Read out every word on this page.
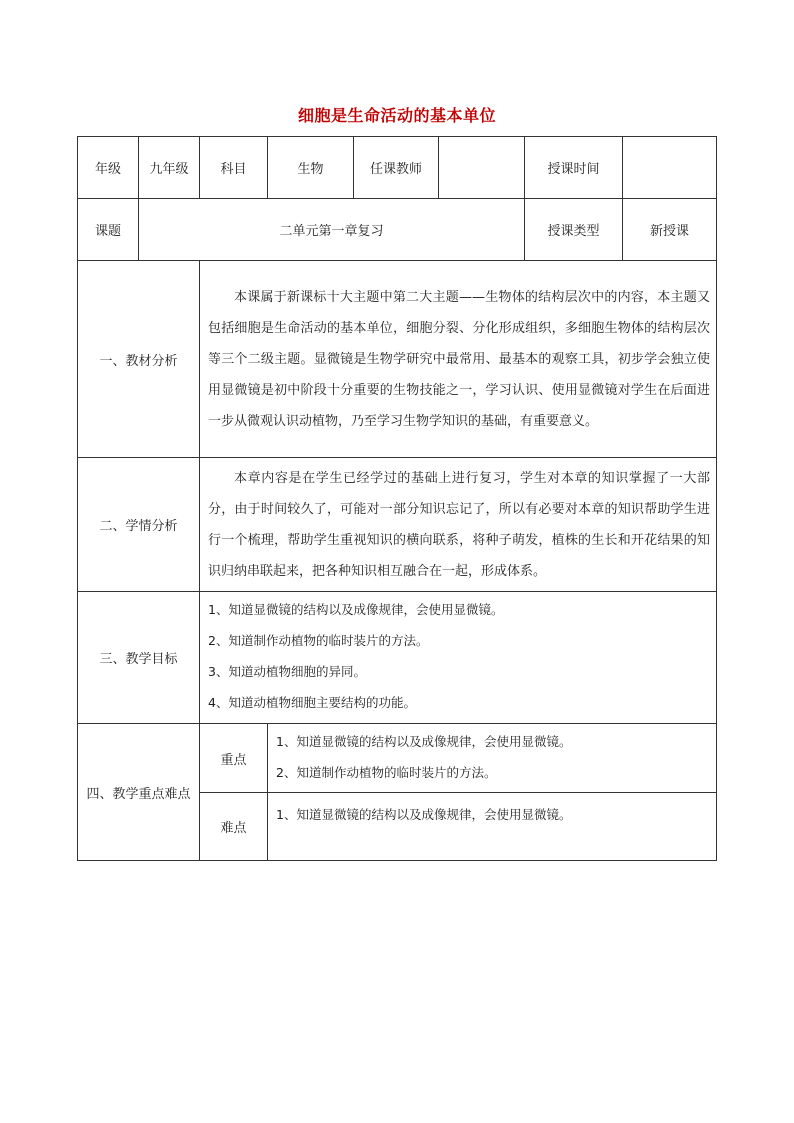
细胞是生命活动的基本单位
年级	九年级	科目	生物	任课教师		授课时间	
课题	二单元第一章复习					授课类型	新授课
一、教材分析		本课属于新课标十大主题中第二大主题——生物体的结构层次中的内容，本主题又包括细胞是生命活动的基本单位，细胞分裂、分化形成组织，多细胞生物体的结构层次等三个二级主题。显微镜是生物学研究中最常用、最基本的观察工具，初步学会独立使用显微镜是初中阶段十分重要的生物技能之一，学习认识、使用显微镜对学生在后面进一步从微观认识动植物，乃至学习生物学知识的基础，有重要意义。					
二、学情分析		本章内容是在学生已经学过的基础上进行复习，学生对本章的知识掌握了一大部分，由于时间较久了，可能对一部分知识忘记了，所以有必要对本章的知识帮助学生进行一个梳理，帮助学生重视知识的横向联系，将种子萌发，植株的生长和开花结果的知识归纳串联起来，把各种知识相互融合在一起，形成体系。					
三、教学目标		1、知道显微镜的结构以及成像规律，会使用显微镜。
2、知道制作动植物的临时装片的方法。
3、知道动植物细胞的异同。
4、知道动植物细胞主要结构的功能。					

四、教学重点难点		重点	1、知道显微镜的结构以及成像规律，会使用显微镜。
2、知道制作动植物的临时装片的方法。				

		难点	1、知道显微镜的结构以及成像规律，会使用显微镜。				
